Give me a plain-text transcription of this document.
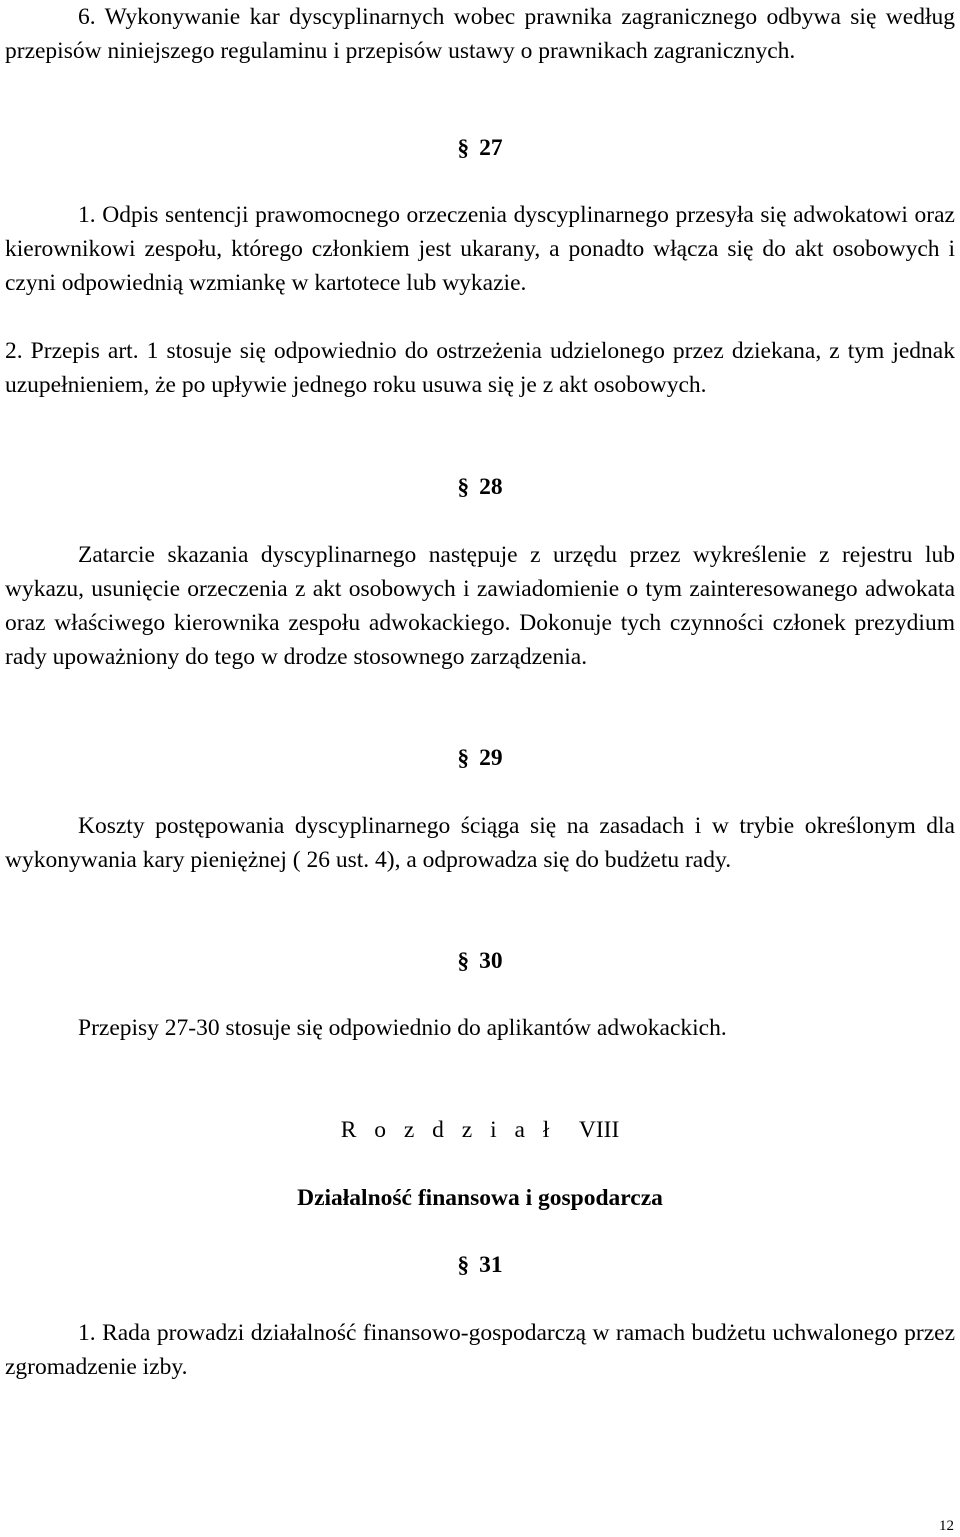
6. Wykonywanie kar dyscyplinarnych wobec prawnika zagranicznego odbywa się według przepisów niniejszego regulaminu i przepisów ustawy o prawnikach zagranicznych.

§ 27

1. Odpis sentencji prawomocnego orzeczenia dyscyplinarnego przesyła się adwokatowi oraz kierownikowi zespołu, którego członkiem jest ukarany, a ponadto włącza się do akt osobowych i czyni odpowiednią wzmiankę w kartotece lub wykazie.

2. Przepis art. 1 stosuje się odpowiednio do ostrzeżenia udzielonego przez dziekana, z tym jednak uzupełnieniem, że po upływie jednego roku usuwa się je z akt osobowych.

§ 28

Zatarcie skazania dyscyplinarnego następuje z urzędu przez wykreślenie z rejestru lub wykazu, usunięcie orzeczenia z akt osobowych i zawiadomienie o tym zainteresowanego adwokata oraz właściwego kierownika zespołu adwokackiego. Dokonuje tych czynności członek prezydium rady upoważniony do tego w drodze stosownego zarządzenia.

§ 29

Koszty postępowania dyscyplinarnego ściąga się na zasadach i w trybie określonym dla wykonywania kary pieniężnej ( 26 ust. 4), a odprowadza się do budżetu rady.

§ 30

Przepisy 27-30 stosuje się odpowiednio do aplikantów adwokackich.

R o z d z i a ł VIII

Działalność finansowa i gospodarcza

§ 31

1. Rada prowadzi działalność finansowo-gospodarczą w ramach budżetu uchwalonego przez zgromadzenie izby.

12
